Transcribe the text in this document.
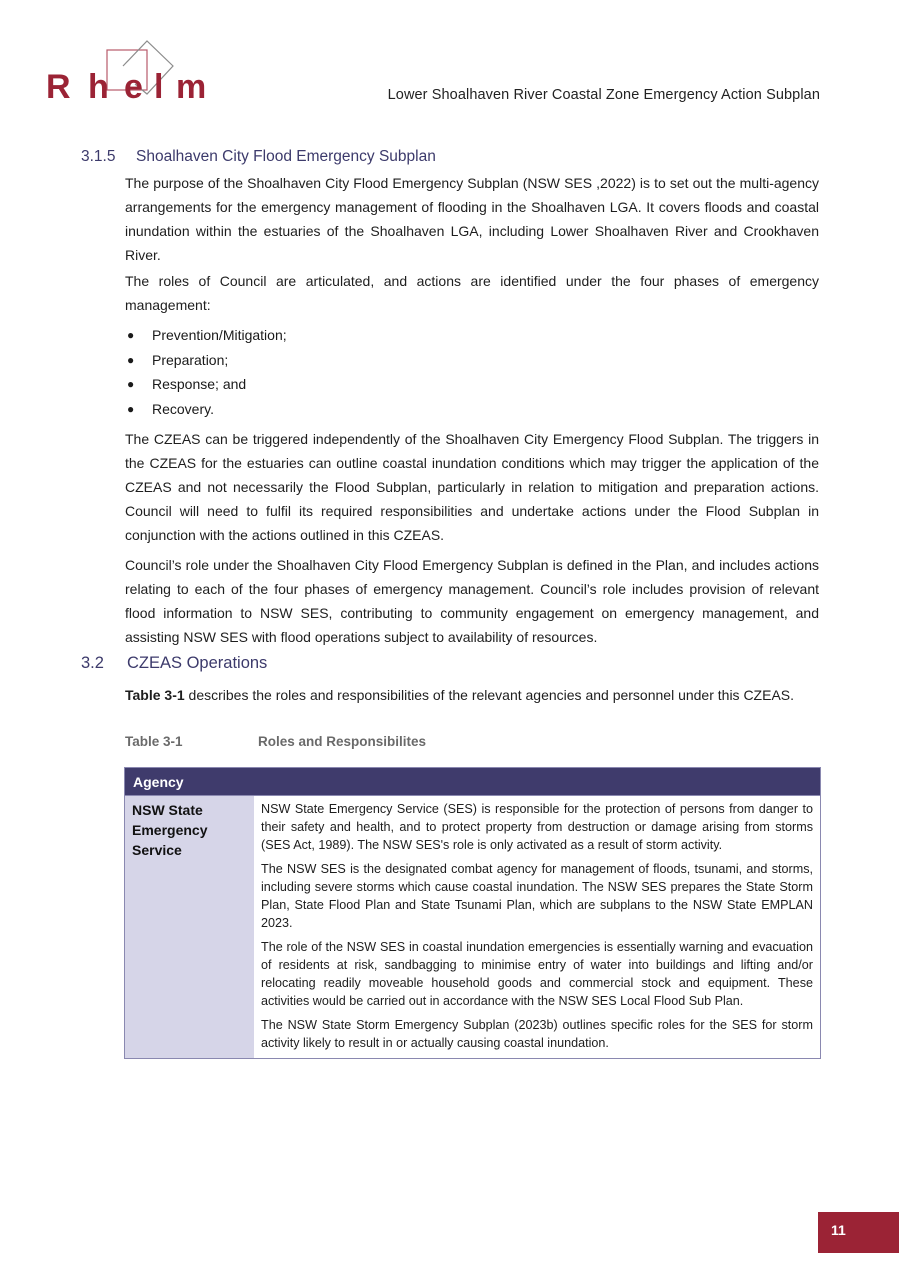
R h e l m	Lower Shoalhaven River Coastal Zone Emergency Action Subplan
3.1.5 Shoalhaven City Flood Emergency Subplan

The purpose of the Shoalhaven City Flood Emergency Subplan (NSW SES ,2022) is to set out the multi-agency arrangements for the emergency management of flooding in the Shoalhaven LGA. It covers floods and coastal inundation within the estuaries of the Shoalhaven LGA, including Lower Shoalhaven River and Crookhaven River.

The roles of Council are articulated, and actions are identified under the four phases of emergency management:

● Prevention/Mitigation;
● Preparation;
● Response; and
● Recovery.

The CZEAS can be triggered independently of the Shoalhaven City Emergency Flood Subplan. The triggers in the CZEAS for the estuaries can outline coastal inundation conditions which may trigger the application of the CZEAS and not necessarily the Flood Subplan, particularly in relation to mitigation and preparation actions. Council will need to fulfil its required responsibilities and undertake actions under the Flood Subplan in conjunction with the actions outlined in this CZEAS.

Council’s role under the Shoalhaven City Flood Emergency Subplan is defined in the Plan, and includes actions relating to each of the four phases of emergency management. Council’s role includes provision of relevant flood information to NSW SES, contributing to community engagement on emergency management, and assisting NSW SES with flood operations subject to availability of resources.

3.2 CZEAS Operations

Table 3-1 describes the roles and responsibilities of the relevant agencies and personnel under this CZEAS.

Table 3-1	Roles and Responsibilites
Agency	
NSW State Emergency Service	NSW State Emergency Service (SES) is responsible for the protection of persons from danger to their safety and health, and to protect property from destruction or damage arising from storms (SES Act, 1989). The NSW SES's role is only activated as a result of storm activity.

The NSW SES is the designated combat agency for management of floods, tsunami, and storms, including severe storms which cause coastal inundation. The NSW SES prepares the State Storm Plan, State Flood Plan and State Tsunami Plan, which are subplans to the NSW State EMPLAN 2023.

The role of the NSW SES in coastal inundation emergencies is essentially warning and evacuation of residents at risk, sandbagging to minimise entry of water into buildings and lifting and/or relocating readily moveable household goods and commercial stock and equipment. These activities would be carried out in accordance with the NSW SES Local Flood Sub Plan.

The NSW State Storm Emergency Subplan (2023b) outlines specific roles for the SES for storm activity likely to result in or actually causing coastal inundation.

11
